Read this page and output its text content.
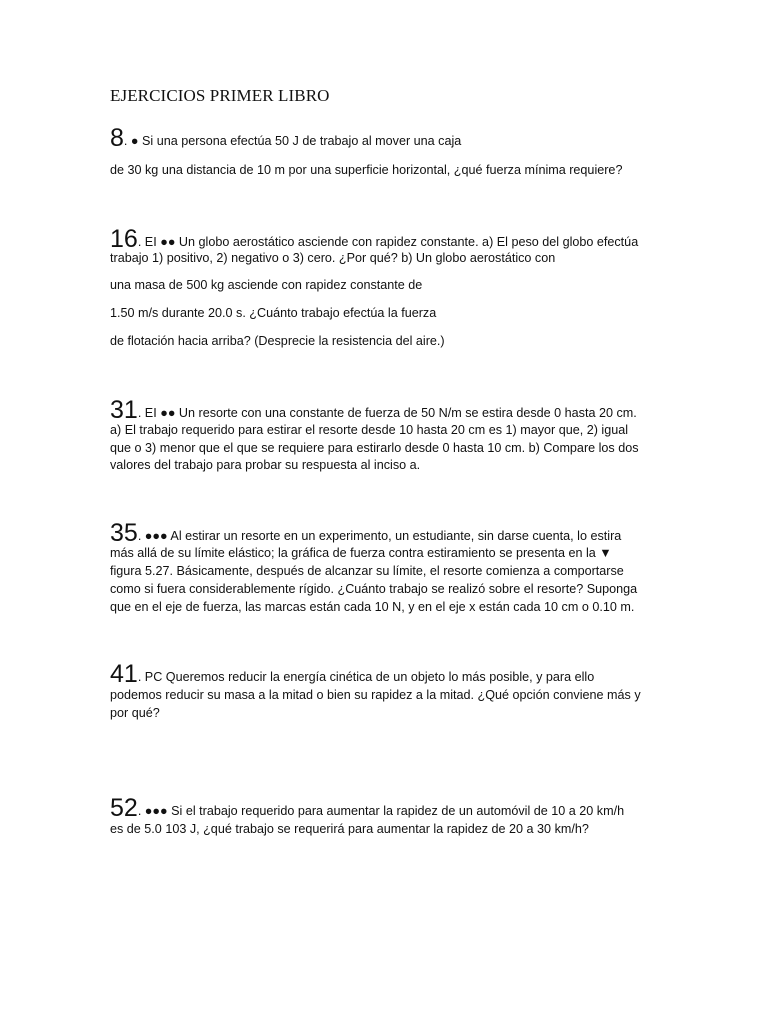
EJERCICIOS PRIMER LIBRO
8. ● Si una persona efectúa 50 J de trabajo al mover una caja
de 30 kg una distancia de 10 m por una superficie horizontal, ¿qué fuerza mínima requiere?
16. EI ●● Un globo aerostático asciende con rapidez constante. a) El peso del globo efectúa
trabajo 1) positivo, 2) negativo o 3) cero. ¿Por qué? b) Un globo aerostático con
una masa de 500 kg asciende con rapidez constante de
1.50 m/s durante 20.0 s. ¿Cuánto trabajo efectúa la fuerza
de flotación hacia arriba? (Desprecie la resistencia del aire.)
31. EI ●● Un resorte con una constante de fuerza de 50 N/m se estira desde 0 hasta 20 cm.
a) El trabajo requerido para estirar el resorte desde 10 hasta 20 cm es 1) mayor que, 2) igual
que o 3) menor que el que se requiere para estirarlo desde 0 hasta 10 cm. b) Compare los dos
valores del trabajo para probar su respuesta al inciso a.
35. ●●● Al estirar un resorte en un experimento, un estudiante, sin darse cuenta, lo estira
más allá de su límite elástico; la gráfica de fuerza contra estiramiento se presenta en la ▼
figura 5.27. Básicamente, después de alcanzar su límite, el resorte comienza a comportarse
como si fuera considerablemente rígido. ¿Cuánto trabajo se realizó sobre el resorte? Suponga
que en el eje de fuerza, las marcas están cada 10 N, y en el eje x están cada 10 cm o 0.10 m.
41. PC Queremos reducir la energía cinética de un objeto lo más posible, y para ello
podemos reducir su masa a la mitad o bien su rapidez a la mitad. ¿Qué opción conviene más y
por qué?
52. ●●● Si el trabajo requerido para aumentar la rapidez de un automóvil de 10 a 20 km/h
es de 5.0 103 J, ¿qué trabajo se requerirá para aumentar la rapidez de 20 a 30 km/h?
